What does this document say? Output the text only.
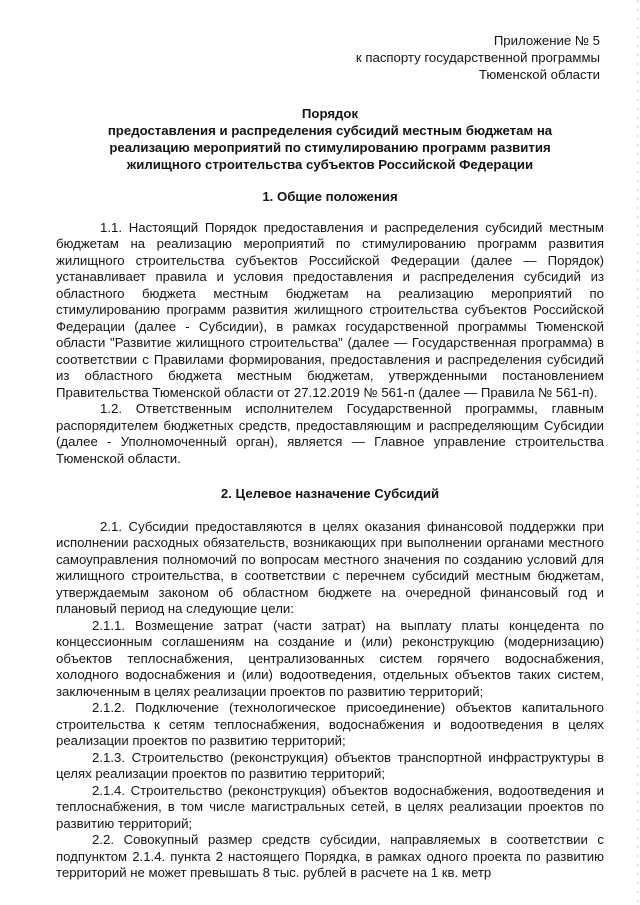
Приложение № 5
к паспорту государственной программы
Тюменской области
Порядок
предоставления и распределения субсидий местным бюджетам на
реализацию мероприятий по стимулированию программ развития
жилищного строительства субъектов Российской Федерации
1. Общие положения

1.1. Настоящий Порядок предоставления и распределения субсидий местным бюджетам на реализацию мероприятий по стимулированию программ развития жилищного строительства субъектов Российской Федерации (далее — Порядок) устанавливает правила и условия предоставления и распределения субсидий из областного бюджета местным бюджетам на реализацию мероприятий по стимулированию программ развития жилищного строительства субъектов Российской Федерации (далее - Субсидии), в рамках государственной программы Тюменской области "Развитие жилищного строительства" (далее — Государственная программа) в соответствии с Правилами формирования, предоставления и распределения субсидий из областного бюджета местным бюджетам, утвержденными постановлением Правительства Тюменской области от 27.12.2019 № 561-п (далее — Правила № 561-п).

1.2. Ответственным исполнителем Государственной программы, главным распорядителем бюджетных средств, предоставляющим и распределяющим Субсидии (далее - Уполномоченный орган), является — Главное управление строительства Тюменской области.

2. Целевое назначение Субсидий

2.1. Субсидии предоставляются в целях оказания финансовой поддержки при исполнении расходных обязательств, возникающих при выполнении органами местного самоуправления полномочий по вопросам местного значения по созданию условий для жилищного строительства, в соответствии с перечнем субсидий местным бюджетам, утверждаемым законом об областном бюджете на очередной финансовый год и плановый период на следующие цели:

2.1.1. Возмещение затрат (части затрат) на выплату платы концедента по концессионным соглашениям на создание и (или) реконструкцию (модернизацию) объектов теплоснабжения, централизованных систем горячего водоснабжения, холодного водоснабжения и (или) водоотведения, отдельных объектов таких систем, заключенным в целях реализации проектов по развитию территорий;

2.1.2. Подключение (технологическое присоединение) объектов капитального строительства к сетям теплоснабжения, водоснабжения и водоотведения в целях реализации проектов по развитию территорий;

2.1.3. Строительство (реконструкция) объектов транспортной инфраструктуры в целях реализации проектов по развитию территорий;

2.1.4. Строительство (реконструкция) объектов водоснабжения, водоотведения и теплоснабжения, в том числе магистральных сетей, в целях реализации проектов по развитию территорий;

2.2. Совокупный размер средств субсидии, направляемых в соответствии с подпунктом 2.1.4. пункта 2 настоящего Порядка, в рамках одного проекта по развитию территорий не может превышать 8 тыс. рублей в расчете на 1 кв. метр
